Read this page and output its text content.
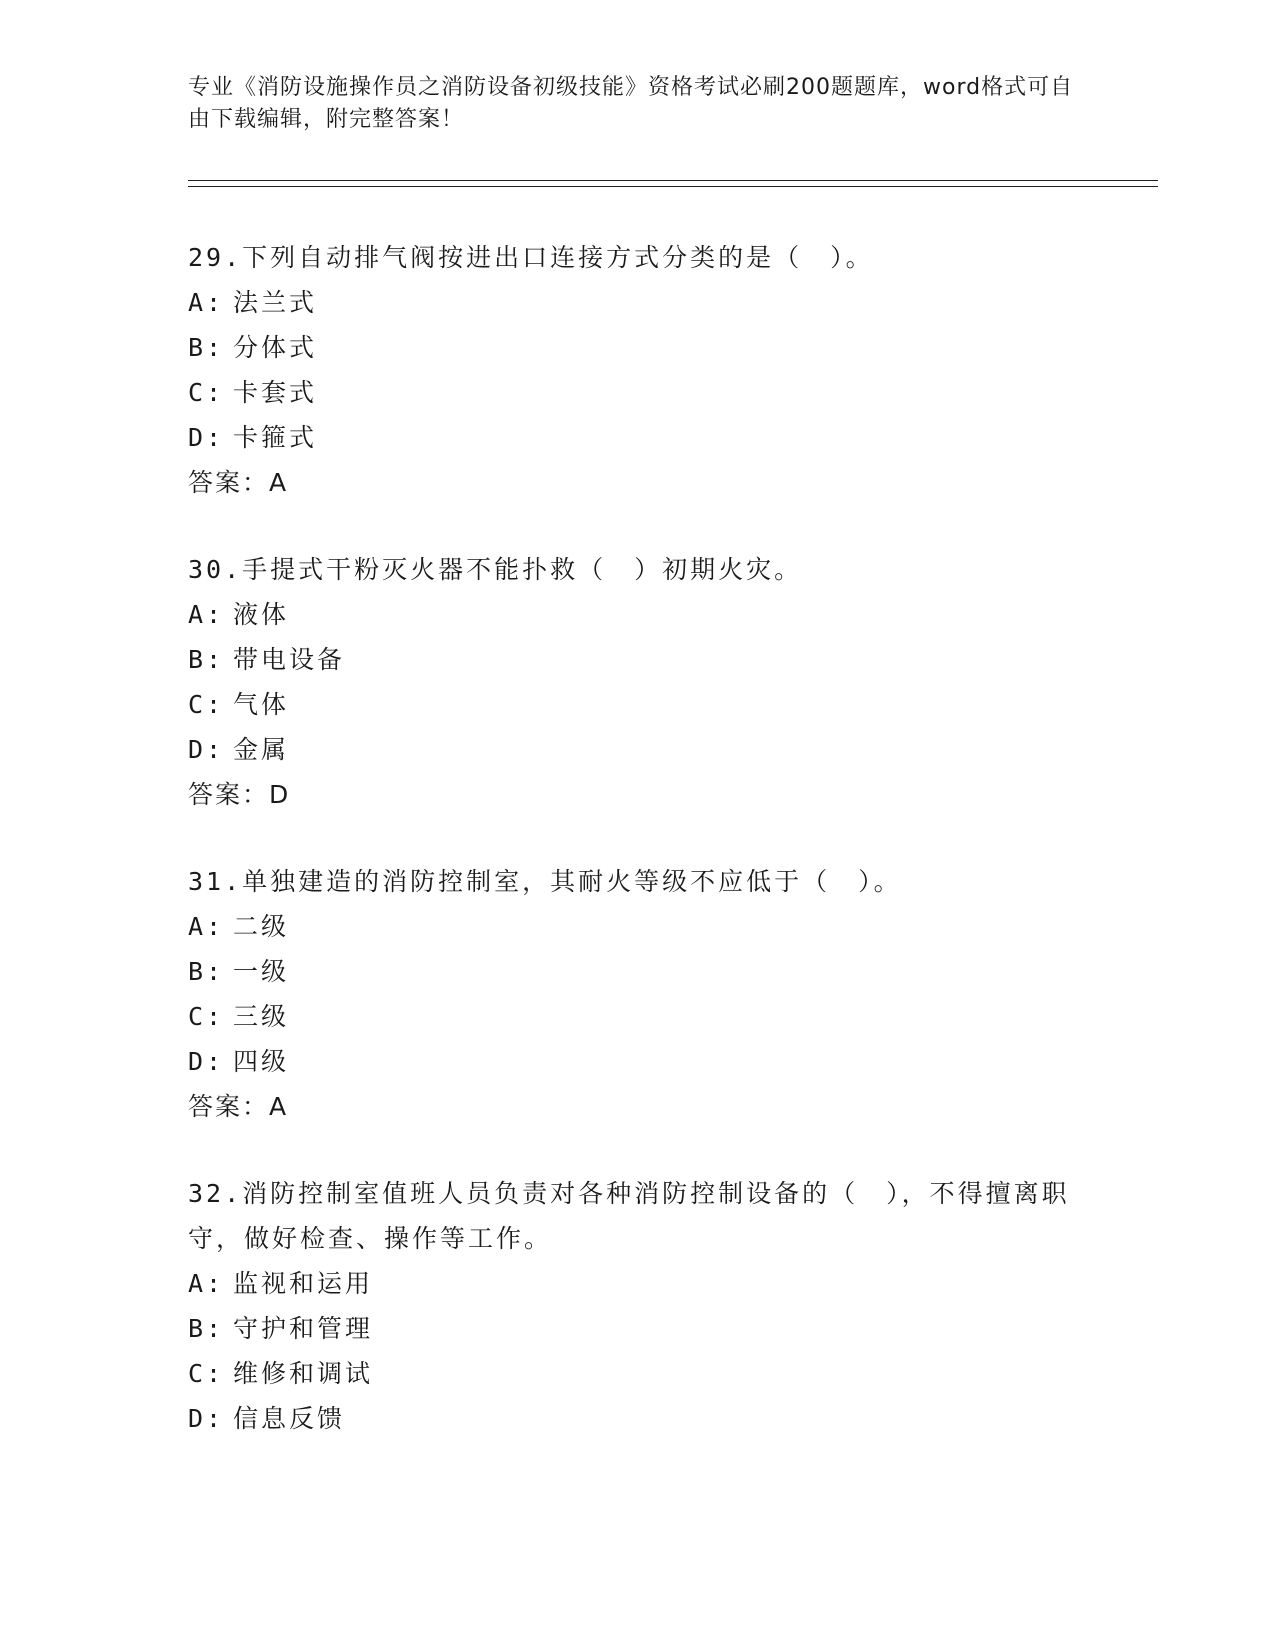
专业《消防设施操作员之消防设备初级技能》资格考试必刷200题题库，word格式可自由下载编辑，附完整答案！

29.下列自动排气阀按进出口连接方式分类的是（　）。
A: 法兰式
B: 分体式
C: 卡套式
D: 卡箍式
答案：A
30.手提式干粉灭火器不能扑救（　）初期火灾。
A: 液体
B: 带电设备
C: 气体
D: 金属
答案：D
31.单独建造的消防控制室，其耐火等级不应低于（　）。
A: 二级
B: 一级
C: 三级
D: 四级
答案：A
32.消防控制室值班人员负责对各种消防控制设备的（　），不得擅离职守，做好检查、操作等工作。
A: 监视和运用
B: 守护和管理
C: 维修和调试
D: 信息反馈
